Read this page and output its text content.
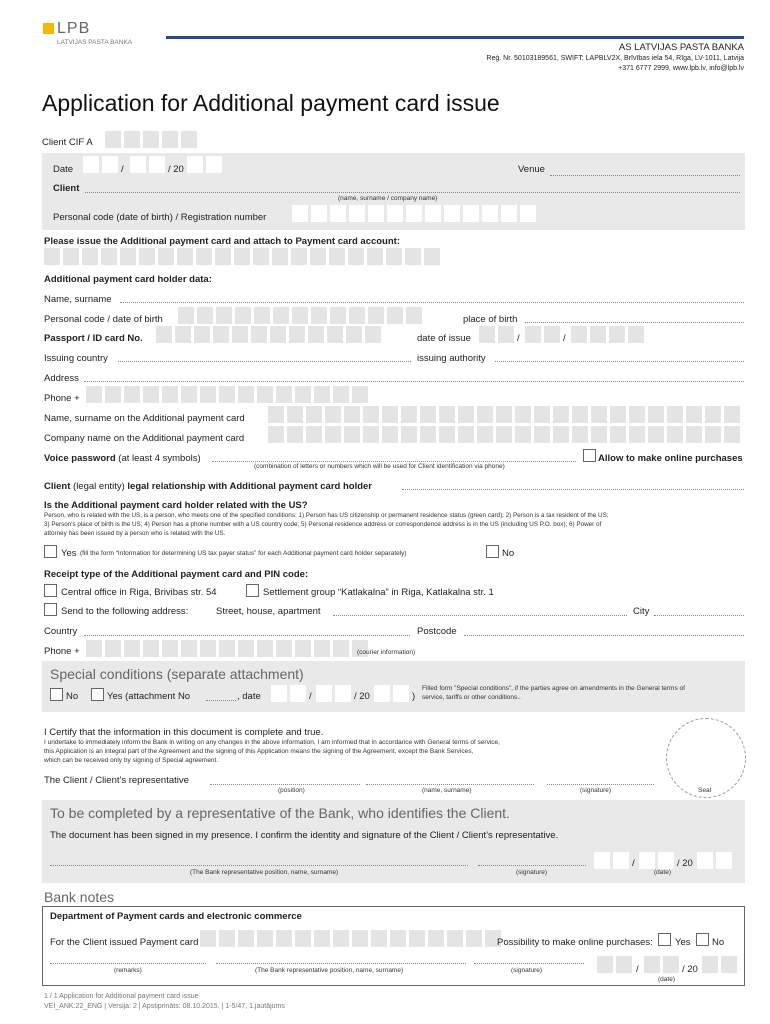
LPB
LATVIJAS PASTA BANKA	AS LATVIJAS PASTA BANKA
Reģ. Nr. 50103189561, SWIFT: LAPBLV2X, Brīvības iela 54, Rīga, LV-1011, Latvija
+371 6777 2999, www.lpb.lv, info@lpb.lv
Application for Additional payment card issue
Client CIF A
Date	/	/ 20	Venue
Client
(name, surname / company name)
Personal code (date of birth) / Registration number
Please issue the Additional payment card and attach to Payment card account:
Additional payment card holder data:
Name, surname
Personal code / date of birth	place of birth
Passport / ID card No.	date of issue	/	/
Issuing country	issuing authority
Address
Phone +
Name, surname on the Additional payment card
Company name on the Additional payment card
Voice password (at least 4 symbols)
(combination of letters or numbers which will be used for Client identification via phone)
Allow to make online purchases
Client (legal entity) legal relationship with Additional payment card holder
Is the Additional payment card holder related with the US?
Person, who is related with the US, is a person, who meets one of the specified conditions: 1) Person has US citizenship or permanent residence status (green card); 2) Person is a tax resident of the US;
3) Person's place of birth is the US; 4) Person has a phone number with a US country code; 5) Personal residence address or correspondence address is in the US (including US P.O. box); 6) Power of
attorney has been issued by a person who is related with the US.
Yes (fill the form “Information for determining US tax payer status” for each Additional payment card holder separately)	No
Receipt type of the Additional payment card and PIN code:
Central office in Riga, Brivibas str. 54	Settlement group “Katlakalna” in Riga, Katlakalna str. 1
Send to the following address:	Street, house, apartment	City
Country	Postcode
Phone +	(courier information)
Special conditions (separate attachment)
No	Yes (attachment No	, date	/	/ 20	)
Filled form "Special conditions", if the parties agree on amendments in the General terms of
service, tariffs or other conditions..
I Certify that the information in this document is complete and true.
I undertake to immediately inform the Bank in writing on any changes in the above information. I am informed that in accordance with General terms of service,
this Application is an integral part of the Agreement and the signing of this Application means the signing of the Agreement, except the Bank Services,
which can be received only by signing of Special agreement.
The Client / Client's representative
(position)	(name, surname)	(signature)	Seal
To be completed by a representative of the Bank, who identifies the Client.
The document has been signed in my presence. I confirm the identity and signature of the Client / Client's representative.
/	/ 20
(The Bank representative position, name, surname)	(signature)	(date)
Bank notes
Department of Payment cards and electronic commerce
For the Client issued Payment card	Possibility to make online purchases: Yes No
/	/ 20
(remarks)	(The Bank representative position, name, surname)	(signature)
(date)
1 / 1 Application for Additional payment card issue
VEI_ANK:22_ENG | Versija: 2 | Apstiprināts: 08.10.2015. | 1-5/47, 1.jautājums
